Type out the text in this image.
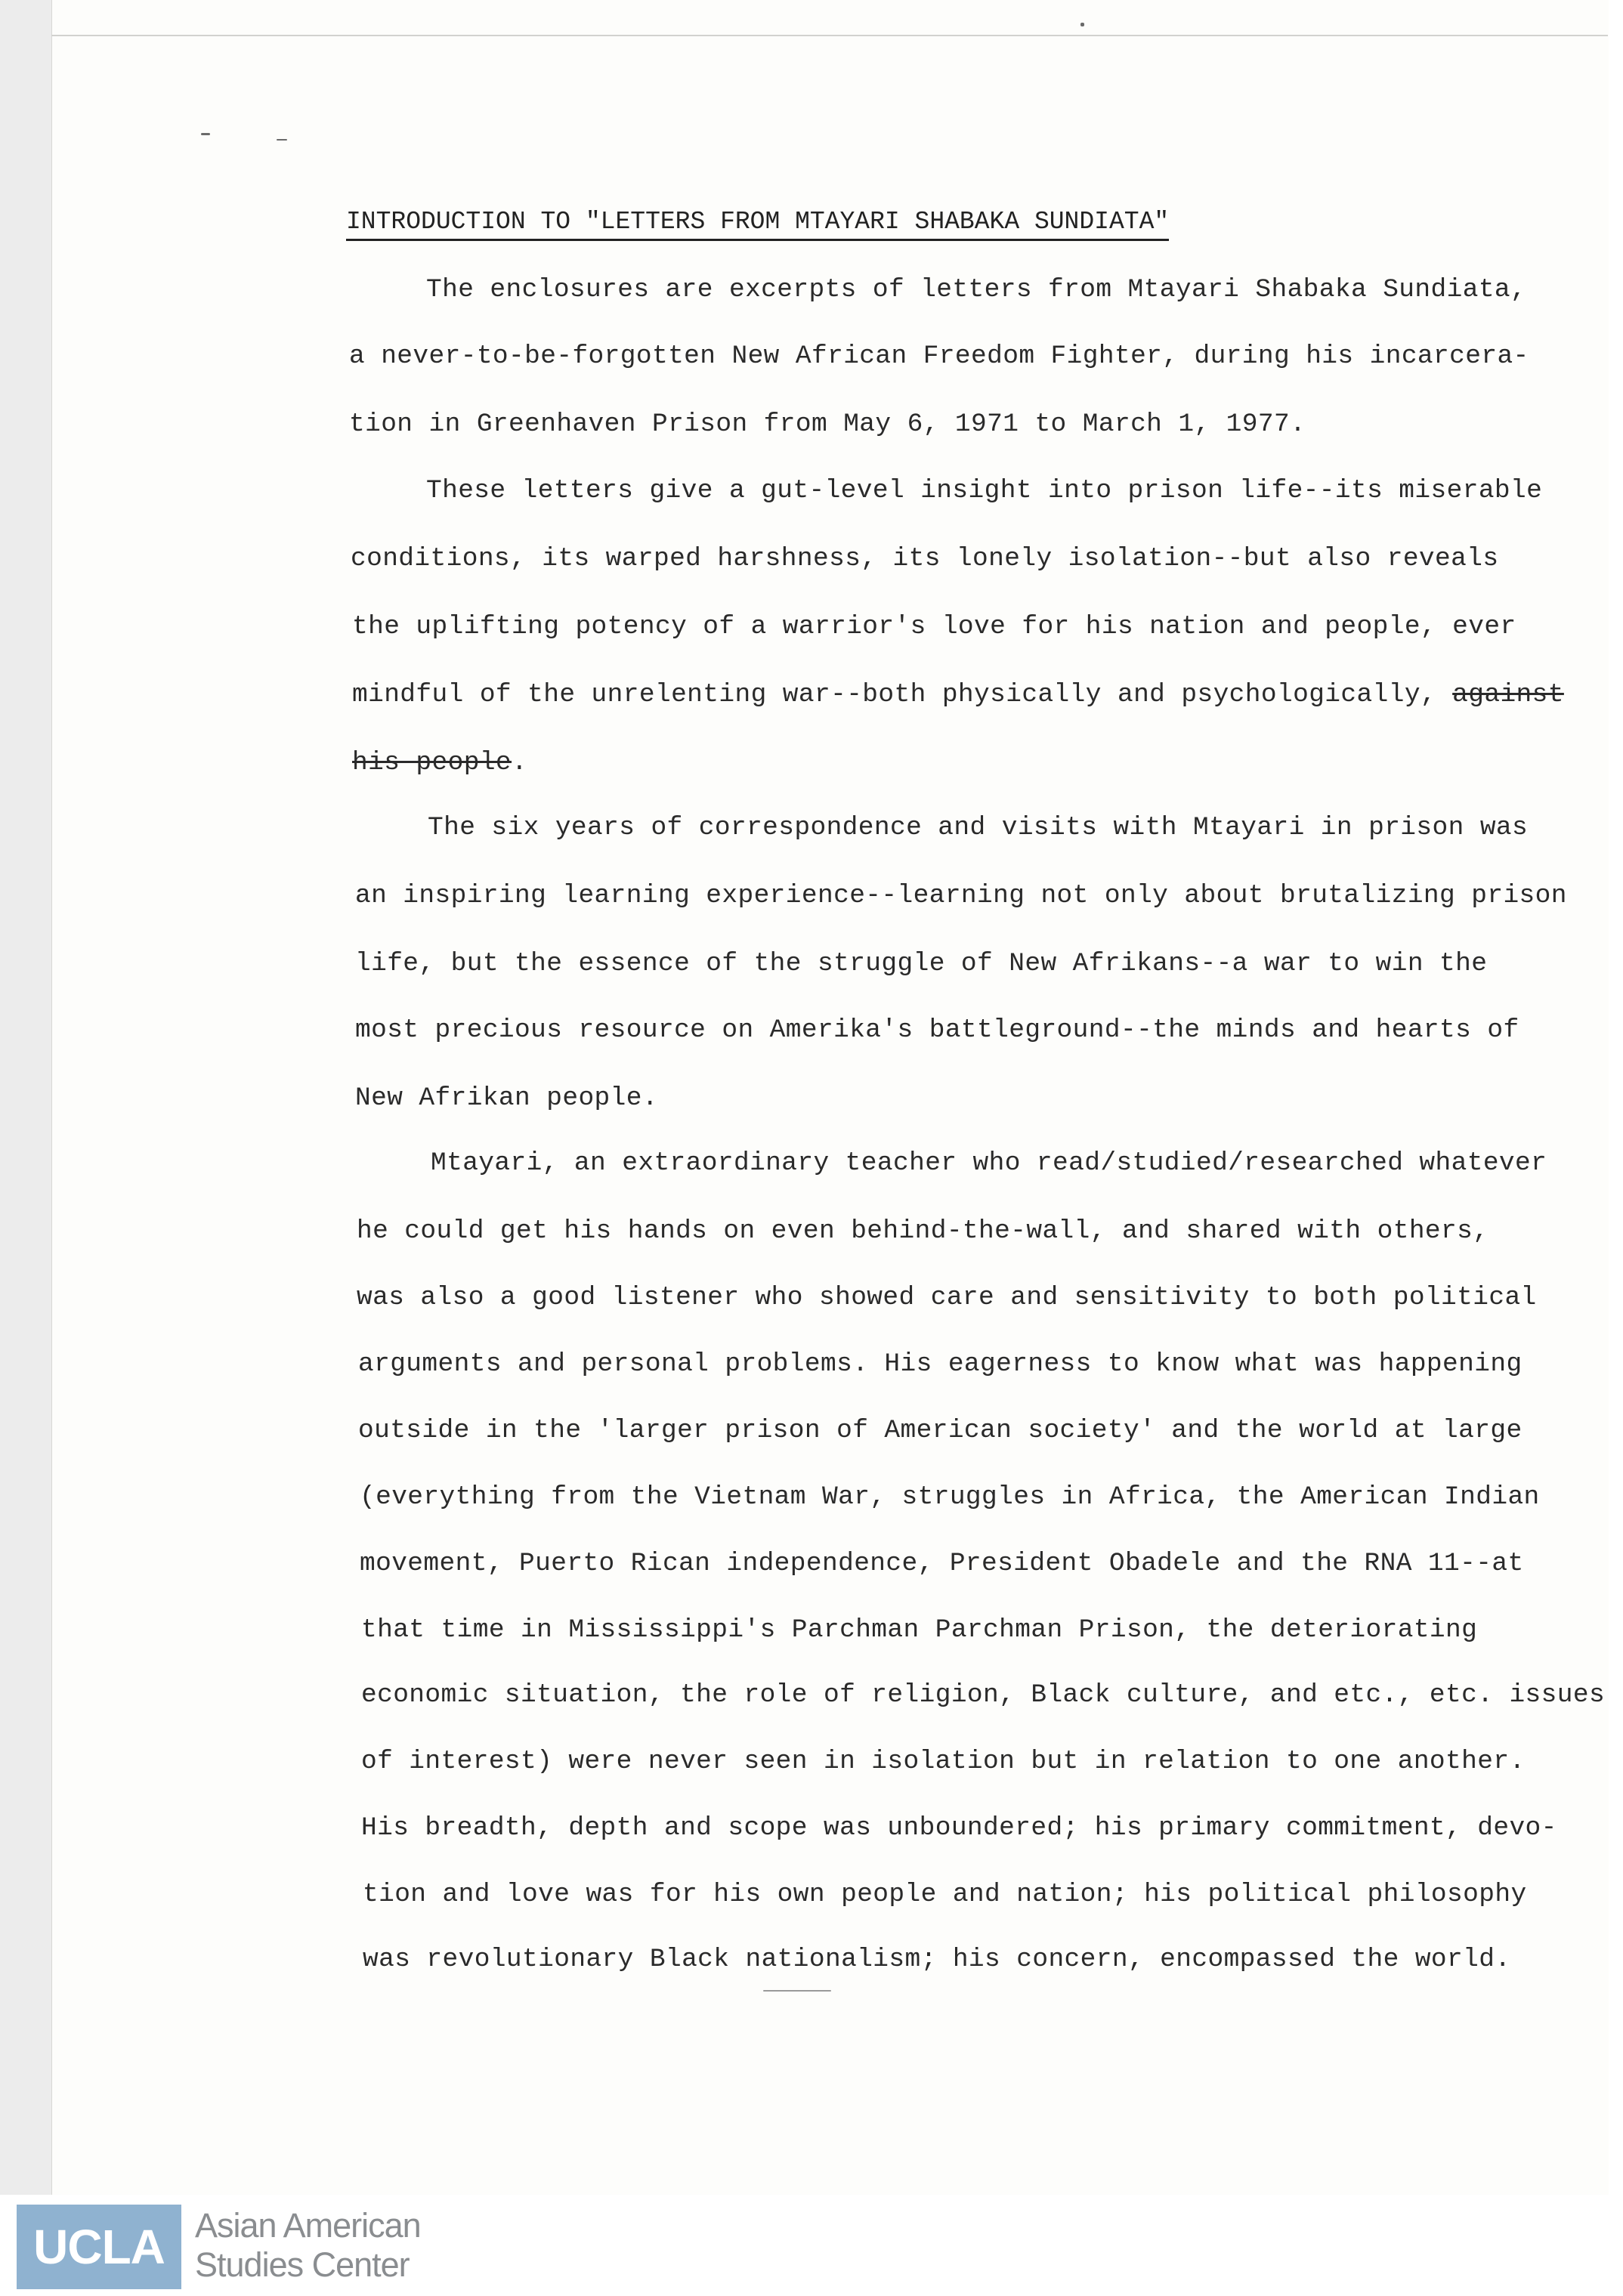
INTRODUCTION TO "LETTERS FROM MTAYARI SHABAKA SUNDIATA"

The enclosures are excerpts of letters from Mtayari Shabaka Sundiata,

a never-to-be-forgotten New African Freedom Fighter, during his incarcera-

tion in Greenhaven Prison from May 6, 1971 to March 1, 1977.

These letters give a gut-level insight into prison life--its miserable

conditions, its warped harshness, its lonely isolation--but also reveals

the uplifting potency of a warrior's love for his nation and people, ever

mindful of the unrelenting war--both physically and psychologically, against

his people.

The six years of correspondence and visits with Mtayari in prison was

an inspiring learning experience--learning not only about brutalizing prison

life, but the essence of the struggle of New Afrikans--a war to win the

most precious resource on Amerika's battleground--the minds and hearts of

New Afrikan people.

Mtayari, an extraordinary teacher who read/studied/researched whatever

he could get his hands on even behind-the-wall, and shared with others,

was also a good listener who showed care and sensitivity to both political

arguments and personal problems. His eagerness to know what was happening

outside in the 'larger prison of American society' and the world at large

(everything from the Vietnam War, struggles in Africa, the American Indian

movement, Puerto Rican independence, President Obadele and the RNA 11--at

that time in Mississippi's Parchman Parchman Prison, the deteriorating

economic situation, the role of religion, Black culture, and etc., etc. issues

of interest) were never seen in isolation but in relation to one another.

His breadth, depth and scope was unboundered; his primary commitment, devo-

tion and love was for his own people and nation; his political philosophy

was revolutionary Black nationalism; his concern, encompassed the world.

UCLA Asian American
Studies Center
